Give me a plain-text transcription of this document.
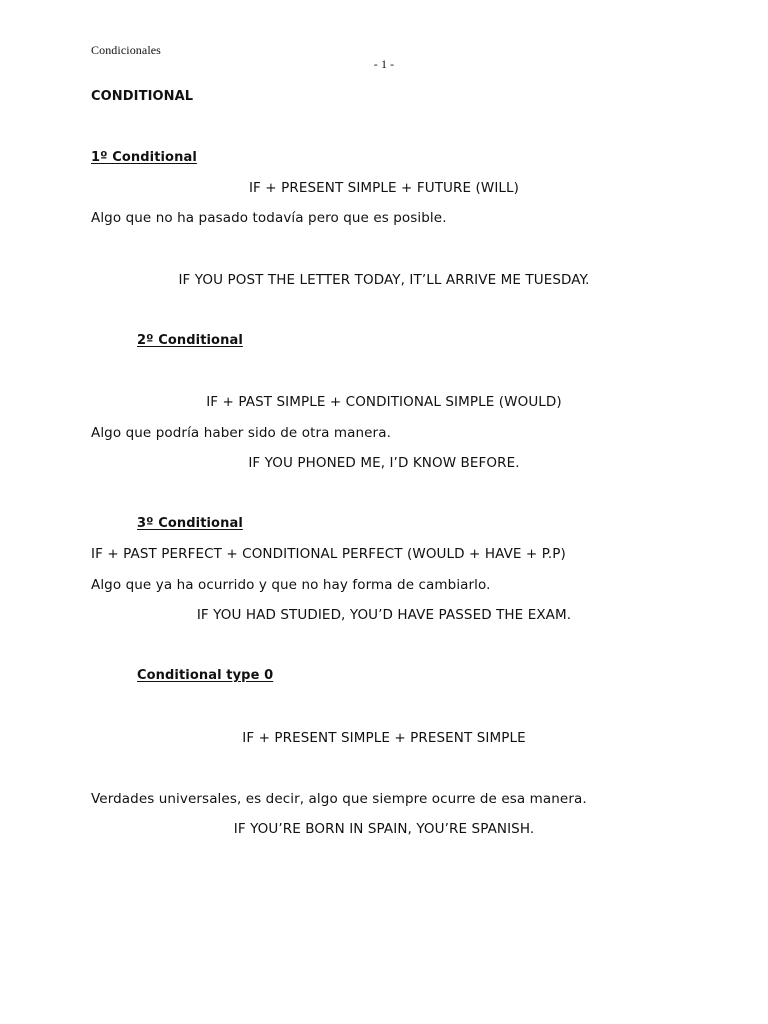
Condicionales
- 1 -
CONDITIONAL
1º Conditional
IF + PRESENT SIMPLE + FUTURE (WILL)
Algo que no ha pasado todavía pero que es posible.
IF YOU POST THE LETTER TODAY, IT’LL ARRIVE ME TUESDAY.
2º Conditional
IF + PAST SIMPLE + CONDITIONAL SIMPLE (WOULD)
Algo que podría haber sido de otra manera.
IF YOU PHONED ME, I’D KNOW BEFORE.
3º Conditional
IF + PAST PERFECT + CONDITIONAL PERFECT (WOULD + HAVE + P.P)
Algo que ya ha ocurrido y que no hay forma de cambiarlo.
IF YOU HAD STUDIED, YOU’D HAVE PASSED THE EXAM.
Conditional type 0
IF + PRESENT SIMPLE + PRESENT SIMPLE
Verdades universales, es decir, algo que siempre ocurre de esa manera.
IF YOU’RE BORN IN SPAIN, YOU’RE SPANISH.
